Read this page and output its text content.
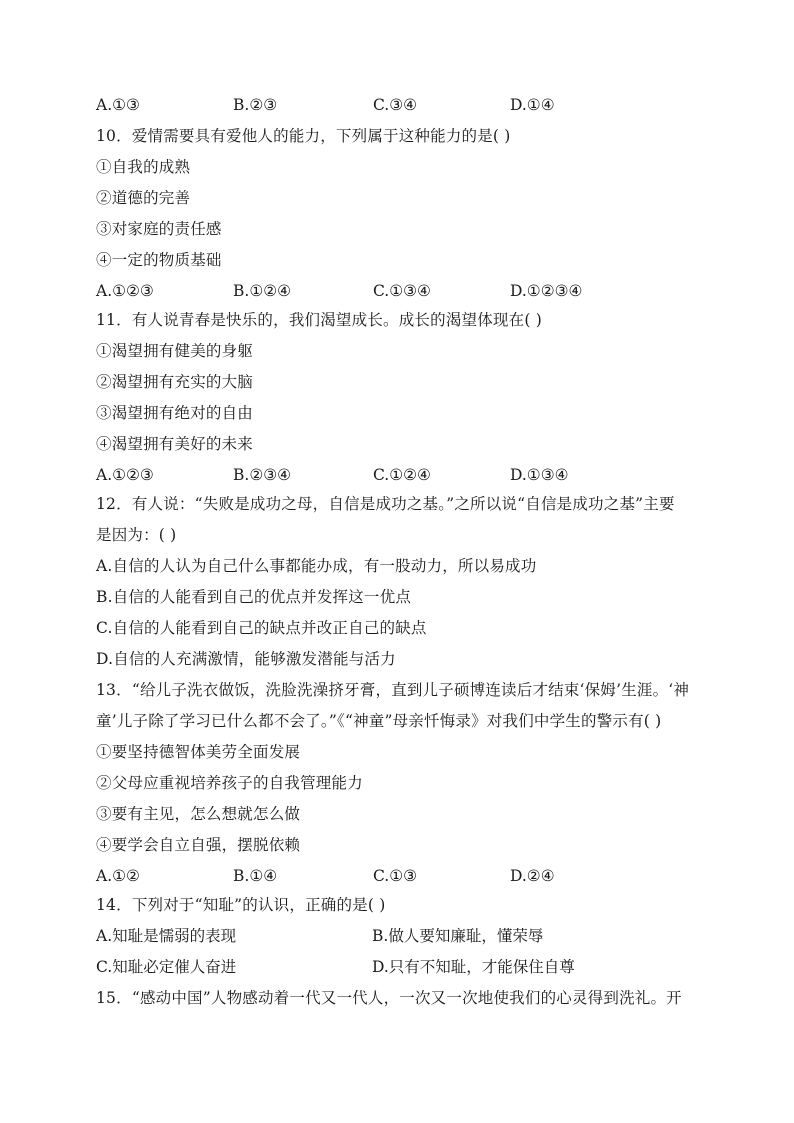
A.①③	B.②③	C.③④	D.①④
10．爱情需要具有爱他人的能力，下列属于这种能力的是( )
①自我的成熟
②道德的完善
③对家庭的责任感
④一定的物质基础
A.①②③	B.①②④	C.①③④	D.①②③④
11．有人说青春是快乐的，我们渴望成长。成长的渴望体现在( )
①渴望拥有健美的身躯
②渴望拥有充实的大脑
③渴望拥有绝对的自由
④渴望拥有美好的未来
A.①②③	B.②③④	C.①②④	D.①③④
12．有人说：“失败是成功之母，自信是成功之基。”之所以说“自信是成功之基”主要
是因为：( )
A.自信的人认为自己什么事都能办成，有一股动力，所以易成功
B.自信的人能看到自己的优点并发挥这一优点
C.自信的人能看到自己的缺点并改正自己的缺点
D.自信的人充满激情，能够激发潜能与活力
13．“给儿子洗衣做饭，洗脸洗澡挤牙膏，直到儿子硕博连读后才结束‘保姆’生涯。‘神
童’儿子除了学习已什么都不会了。”《“神童”母亲忏悔录》对我们中学生的警示有( )
①要坚持德智体美劳全面发展
②父母应重视培养孩子的自我管理能力
③要有主见，怎么想就怎么做
④要学会自立自强，摆脱依赖
A.①②	B.①④	C.①③	D.②④
14．下列对于“知耻”的认识，正确的是( )
A.知耻是懦弱的表现	B.做人要知廉耻，懂荣辱
C.知耻必定催人奋进	D.只有不知耻，才能保住自尊
15．“感动中国”人物感动着一代又一代人，一次又一次地使我们的心灵得到洗礼。开
